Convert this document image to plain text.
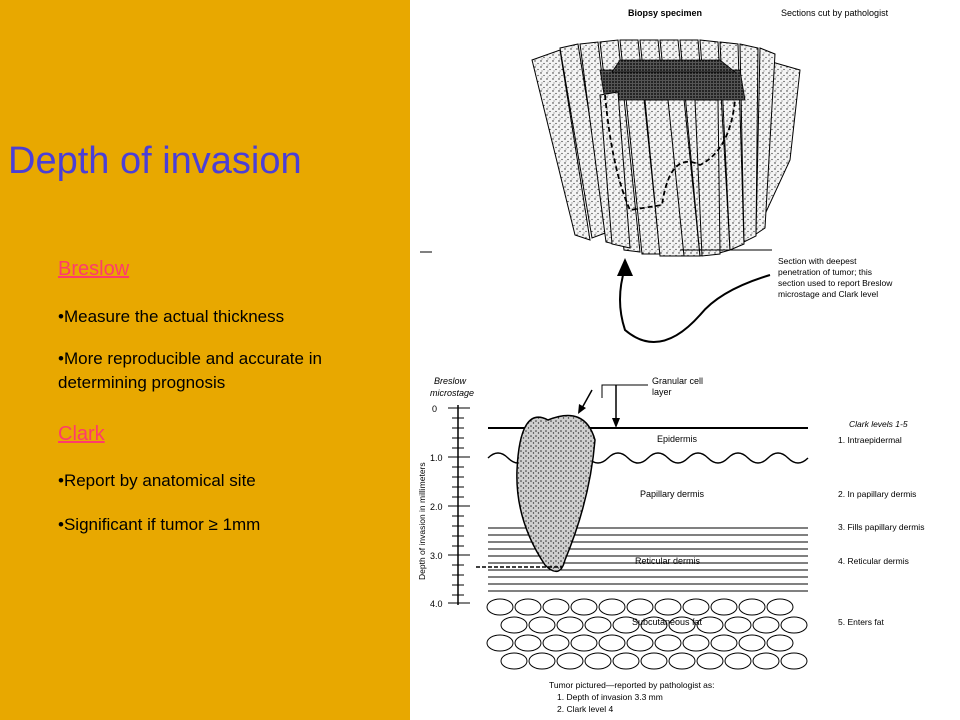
Depth of invasion
Breslow
•Measure the actual thickness
•More reproducible and accurate in determining prognosis
Clark
•Report by anatomical site
•Significant if tumor ≥ 1mm
Biopsy specimen	Sections cut by pathologist
Section with deepest
penetration of tumor; this
section used to report Breslow
microstage and Clark level
Breslow
microstage
Depth of invasion in millimeters
0
1.0
2.0
3.0
4.0
Granular cell
layer
Epidermis
Papillary dermis
Reticular dermis
Subcutaneous fat
Clark levels 1-5
1. Intraepidermal
2. In papillary dermis
3. Fills papillary dermis
4. Reticular dermis
5. Enters fat
Tumor pictured—reported by pathologist as:
1. Depth of invasion 3.3 mm
2. Clark level 4
